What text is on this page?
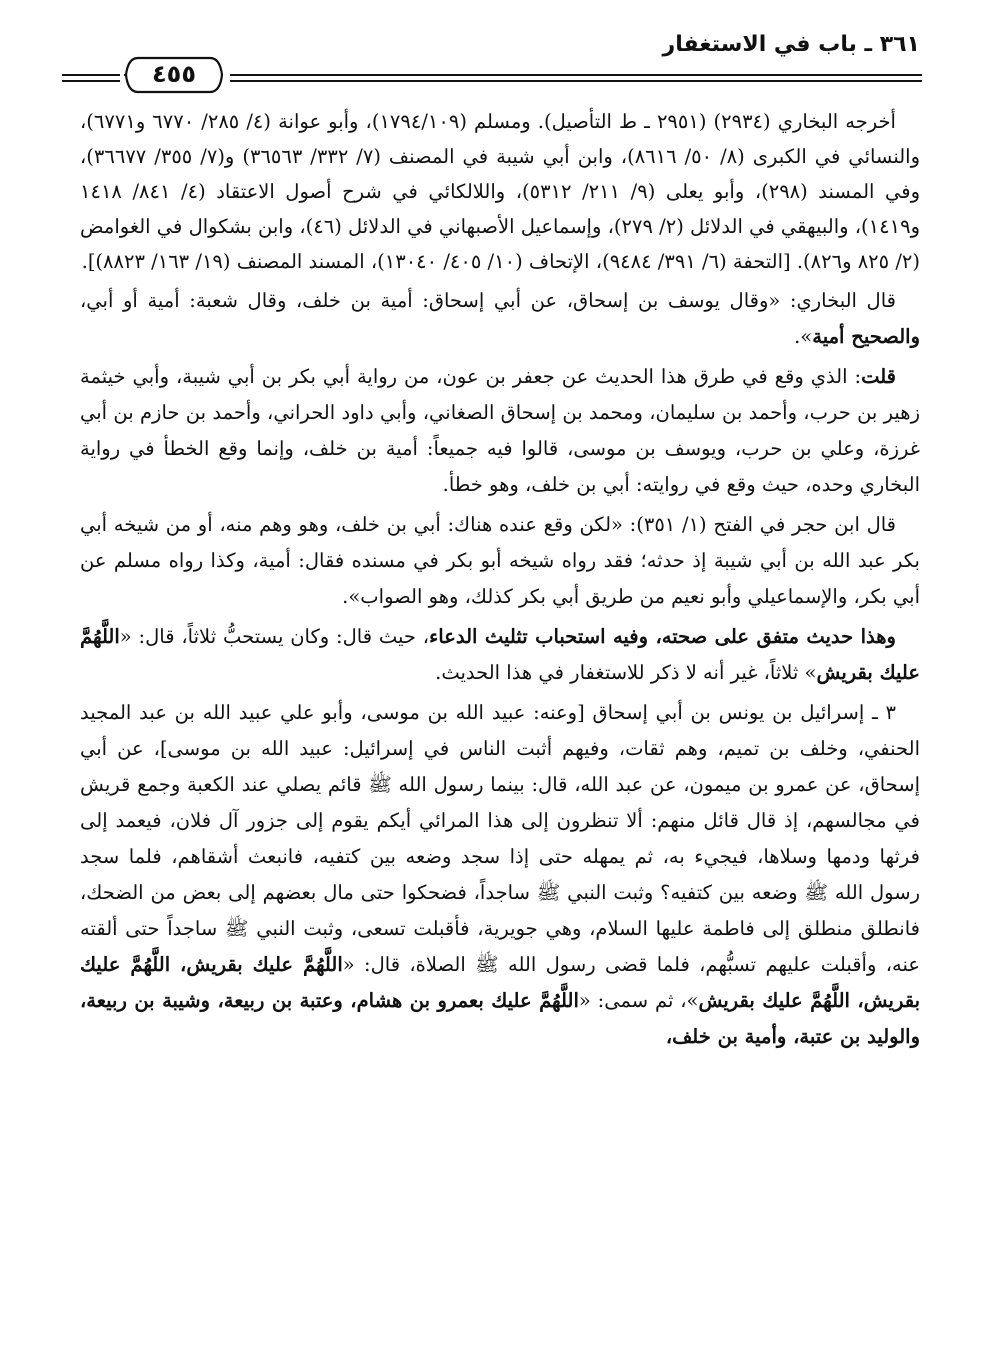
٣٦١ ـ باب في الاستغفار
٤٥٥

أخرجه البخاري (٢٩٣٤) (٢٩٥١ ـ ط التأصيل). ومسلم (١٧٩٤/١٠٩)، وأبو عوانة (٤/ ٢٨٥/ ٦٧٧٠ و٦٧٧١)، والنسائي في الكبرى (٨/ ٥٠/ ٨٦١٦)، وابن أبي شيبة في المصنف (٧/ ٣٣٢/ ٣٦٥٦٣) و(٧/ ٣٥٥/ ٣٦٦٧٧)، وفي المسند (٢٩٨)، وأبو يعلى (٩/ ٢١١/ ٥٣١٢)، واللالكائي في شرح أصول الاعتقاد (٤/ ٨٤١/ ١٤١٨ و١٤١٩)، والبيهقي في الدلائل (٢/ ٢٧٩)، وإسماعيل الأصبهاني في الدلائل (٤٦)، وابن بشكوال في الغوامض (٢/ ٨٢٥ و٨٢٦). [التحفة (٦/ ٣٩١/ ٩٤٨٤)، الإتحاف (١٠/ ٤٠٥/ ١٣٠٤٠)، المسند المصنف (١٩/ ١٦٣/ ٨٨٢٣)].

قال البخاري: «وقال يوسف بن إسحاق، عن أبي إسحاق: أمية بن خلف، وقال شعبة: أمية أو أبي، والصحيح أمية».

قلت: الذي وقع في طرق هذا الحديث عن جعفر بن عون، من رواية أبي بكر بن أبي شيبة، وأبي خيثمة زهير بن حرب، وأحمد بن سليمان، ومحمد بن إسحاق الصغاني، وأبي داود الحراني، وأحمد بن حازم بن أبي غرزة، وعلي بن حرب، ويوسف بن موسى، قالوا فيه جميعاً: أمية بن خلف، وإنما وقع الخطأ في رواية البخاري وحده، حيث وقع في روايته: أبي بن خلف، وهو خطأ.

قال ابن حجر في الفتح (١/ ٣٥١): «لكن وقع عنده هناك: أبي بن خلف، وهو وهم منه، أو من شيخه أبي بكر عبد الله بن أبي شيبة إذ حدثه؛ فقد رواه شيخه أبو بكر في مسنده فقال: أمية، وكذا رواه مسلم عن أبي بكر، والإسماعيلي وأبو نعيم من طريق أبي بكر كذلك، وهو الصواب».

وهذا حديث متفق على صحته، وفيه استحباب تثليث الدعاء، حيث قال: وكان يستحبُّ ثلاثاً، قال: «اللَّهُمَّ عليك بقريش» ثلاثاً، غير أنه لا ذكر للاستغفار في هذا الحديث.

٣ ـ إسرائيل بن يونس بن أبي إسحاق [وعنه: عبيد الله بن موسى، وأبو علي عبيد الله بن عبد المجيد الحنفي، وخلف بن تميم، وهم ثقات، وفيهم أثبت الناس في إسرائيل: عبيد الله بن موسى]، عن أبي إسحاق، عن عمرو بن ميمون، عن عبد الله، قال: بينما رسول الله ﷺ قائم يصلي عند الكعبة وجمع قريش في مجالسهم، إذ قال قائل منهم: ألا تنظرون إلى هذا المرائي أيكم يقوم إلى جزور آل فلان، فيعمد إلى فرثها ودمها وسلاها، فيجيء به، ثم يمهله حتى إذا سجد وضعه بين كتفيه، فانبعث أشقاهم، فلما سجد رسول الله ﷺ وضعه بين كتفيه؟ وثبت النبي ﷺ ساجداً، فضحكوا حتى مال بعضهم إلى بعض من الضحك، فانطلق منطلق إلى فاطمة عليها السلام، وهي جويرية، فأقبلت تسعى، وثبت النبي ﷺ ساجداً حتى ألقته عنه، وأقبلت عليهم تسبُّهم، فلما قضى رسول الله ﷺ الصلاة، قال: «اللَّهُمَّ عليك بقريش، اللَّهُمَّ عليك بقريش، اللَّهُمَّ عليك بقريش»، ثم سمى: «اللَّهُمَّ عليك بعمرو بن هشام، وعتبة بن ربيعة، وشيبة بن ربيعة، والوليد بن عتبة، وأمية بن خلف،
